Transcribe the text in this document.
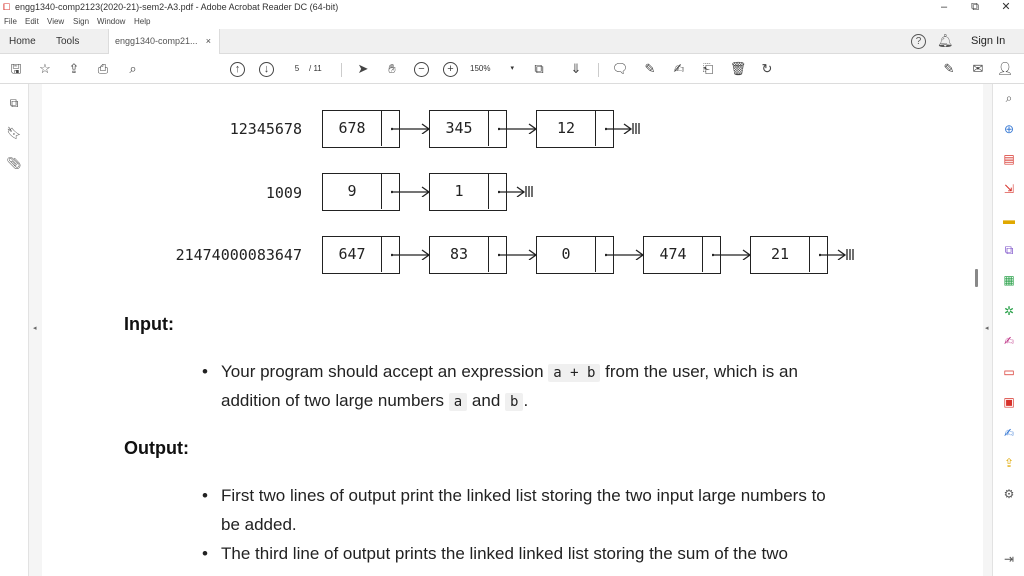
⧠ engg1340-comp2123(2020-21)-sem2-A3.pdf - Adobe Acrobat Reader DC (64-bit)	–	⧉	✕
File Edit View Sign Window Help
Home Tools	engg1340-comp21... ×	?	🔔︎ Sign In
🖫︎ ☆ ⇪ ⎙	⌕	↑	↓	5	/ 11	➤	✋︎	−	+	150%	▾	⧉	⇓ 🗨︎ ✎ ✍︎ ⎗ 🗑︎ ↻	✎ ✉ 👤︎
⧉
🔖︎
📎︎
◂
12345678	678	345	12
1009	9	1
21474000083647	647	83	0	474	21
Input:
• Your program should accept an expression a + b from the user, which is an
addition of two large numbers a and b .
Output:
• First two lines of output print the linked list storing the two input large numbers to
be added.
• The third line of output prints the linked linked list storing the sum of the two
◂
⌕
⊕
▤
⇲
▬
⧉
▦
✲
✍︎
▭
▣
✍︎
⇪
⚙︎
⇥
